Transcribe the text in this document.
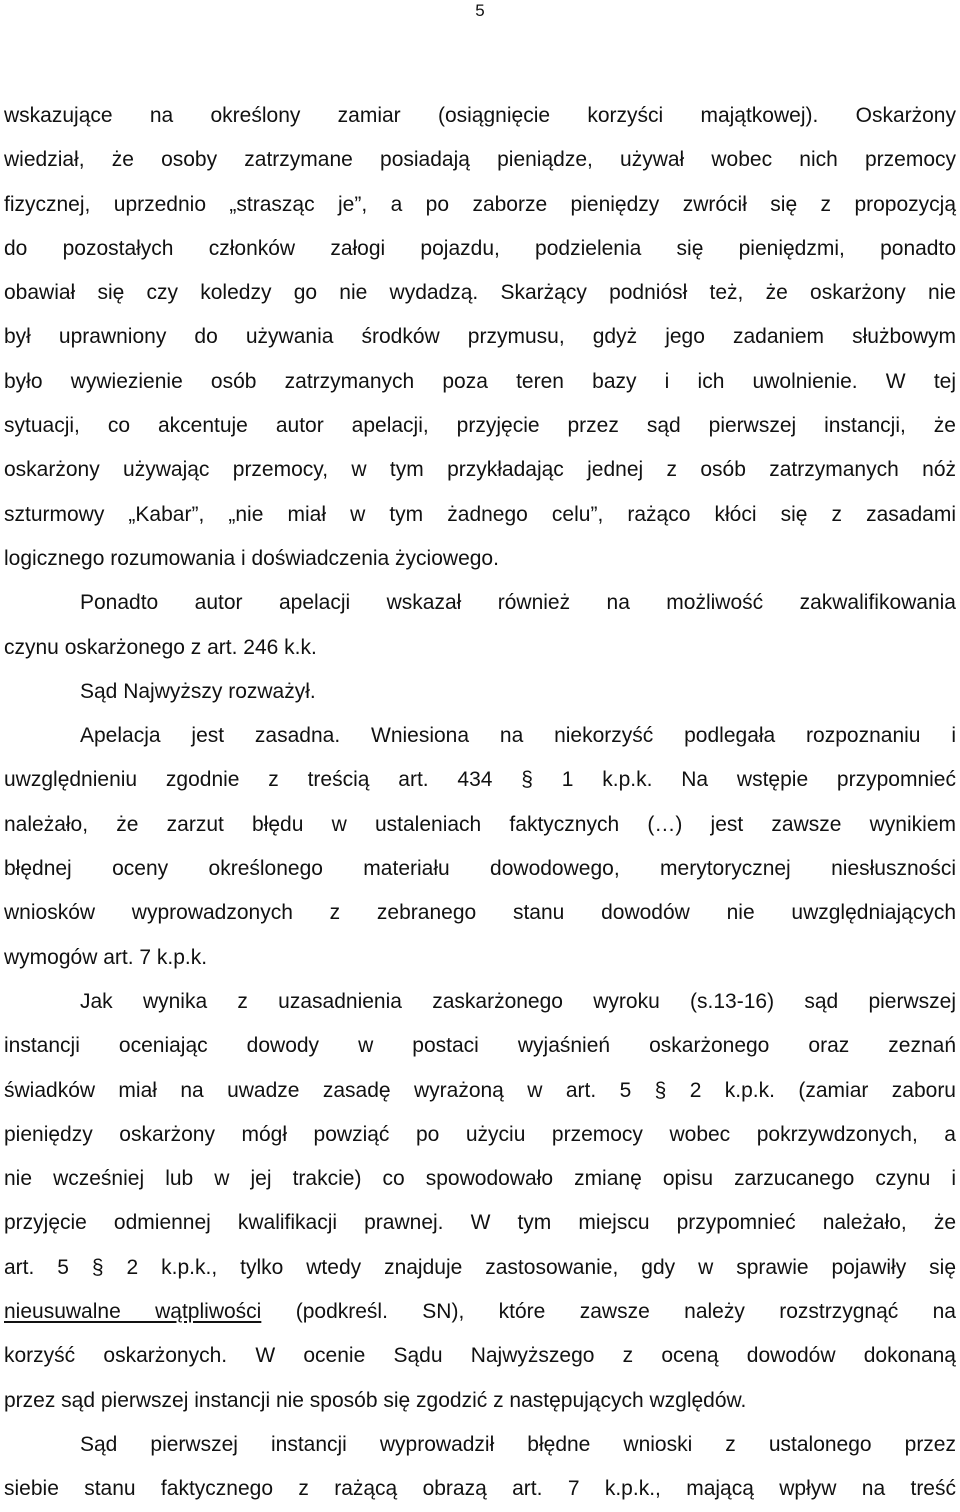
5
wskazujące na określony zamiar (osiągnięcie korzyści majątkowej). Oskarżony
wiedział, że osoby zatrzymane posiadają pieniądze, używał wobec nich przemocy
fizycznej, uprzednio „strasząc je”, a po zaborze pieniędzy zwrócił się z propozycją
do pozostałych członków załogi pojazdu, podzielenia się pieniędzmi, ponadto
obawiał się czy koledzy go nie wydadzą. Skarżący podniósł też, że oskarżony nie
był uprawniony do używania środków przymusu, gdyż jego zadaniem służbowym
było wywiezienie osób zatrzymanych poza teren bazy i ich uwolnienie. W tej
sytuacji, co akcentuje autor apelacji, przyjęcie przez sąd pierwszej instancji, że
oskarżony używając przemocy, w tym przykładając jednej z osób zatrzymanych nóż
szturmowy „Kabar”, „nie miał w tym żadnego celu”, rażąco kłóci się z zasadami
logicznego rozumowania i doświadczenia życiowego.
Ponadto autor apelacji wskazał również na możliwość zakwalifikowania
czynu oskarżonego z art. 246 k.k.
Sąd Najwyższy rozważył.
Apelacja jest zasadna. Wniesiona na niekorzyść podlegała rozpoznaniu i
uwzględnieniu zgodnie z treścią art. 434 § 1 k.p.k. Na wstępie przypomnieć
należało, że zarzut błędu w ustaleniach faktycznych (…) jest zawsze wynikiem
błędnej oceny określonego materiału dowodowego, merytorycznej niesłuszności
wniosków wyprowadzonych z zebranego stanu dowodów nie uwzględniających
wymogów art. 7 k.p.k.
Jak wynika z uzasadnienia zaskarżonego wyroku (s.13-16) sąd pierwszej
instancji oceniając dowody w postaci wyjaśnień oskarżonego oraz zeznań
świadków miał na uwadze zasadę wyrażoną w art. 5 § 2 k.p.k. (zamiar zaboru
pieniędzy oskarżony mógł powziąć po użyciu przemocy wobec pokrzywdzonych, a
nie wcześniej lub w jej trakcie) co spowodowało zmianę opisu zarzucanego czynu i
przyjęcie odmiennej kwalifikacji prawnej. W tym miejscu przypomnieć należało, że
art. 5 § 2 k.p.k., tylko wtedy znajduje zastosowanie, gdy w sprawie pojawiły się
nieusuwalne wątpliwości (podkreśl. SN), które zawsze należy rozstrzygnąć na
korzyść oskarżonych. W ocenie Sądu Najwyższego z oceną dowodów dokonaną
przez sąd pierwszej instancji nie sposób się zgodzić z następujących względów.
Sąd pierwszej instancji wyprowadził błędne wnioski z ustalonego przez
siebie stanu faktycznego z rażącą obrazą art. 7 k.p.k., mającą wpływ na treść
